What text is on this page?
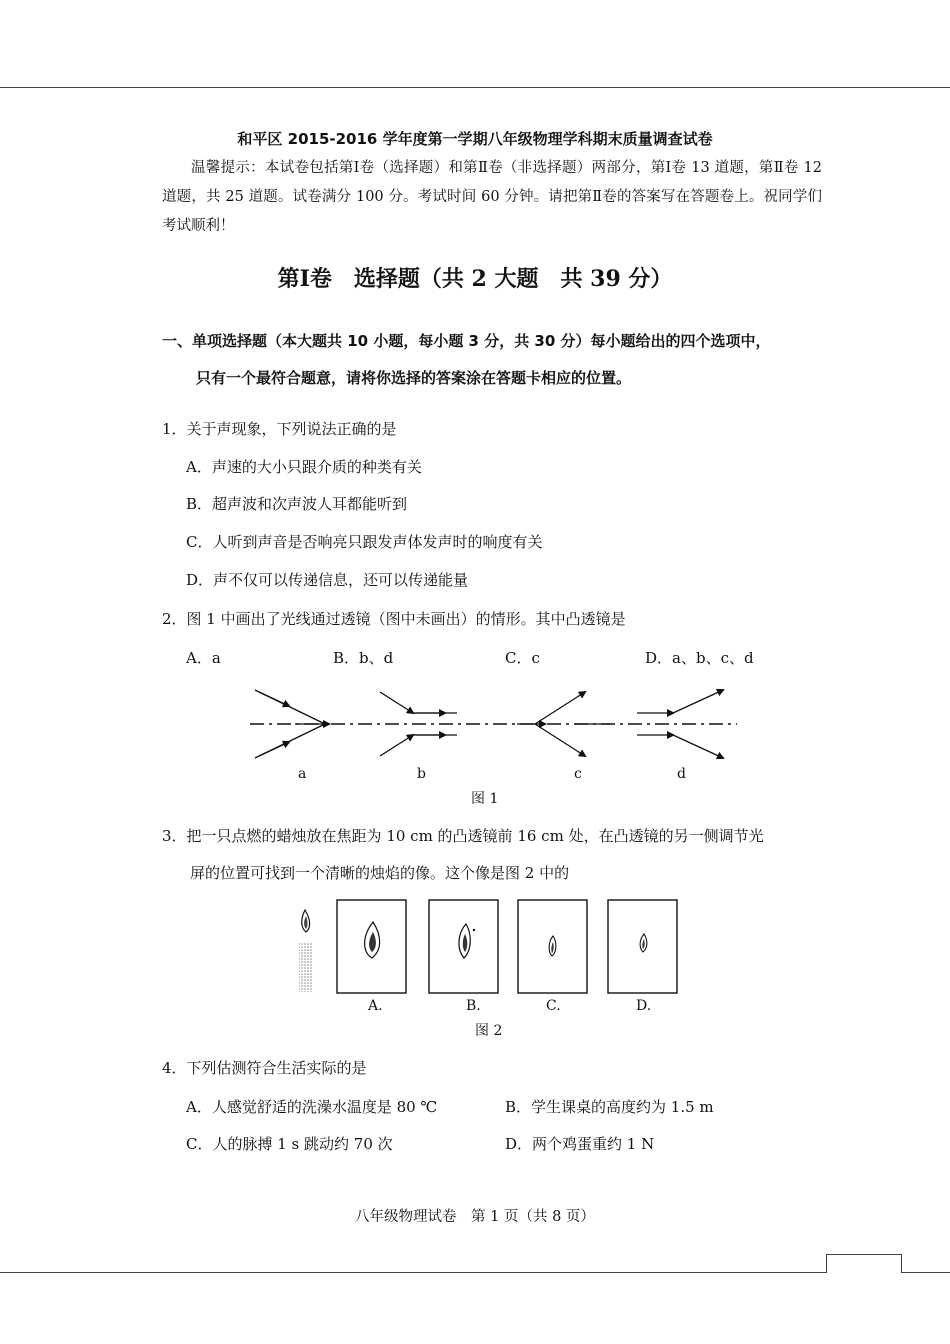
和平区 2015-2016 学年度第一学期八年级物理学科期末质量调查试卷
温馨提示：本试卷包括第Ⅰ卷（选择题）和第Ⅱ卷（非选择题）两部分，第Ⅰ卷 13 道题，第Ⅱ卷 12 道题，共 25 道题。试卷满分 100 分。考试时间 60 分钟。请把第Ⅱ卷的答案写在答题卷上。祝同学们考试顺利！
第Ⅰ卷　选择题（共 2 大题　共 39 分）
一、单项选择题（本大题共 10 小题，每小题 3 分，共 30 分）每小题给出的四个选项中，
只有一个最符合题意，请将你选择的答案涂在答题卡相应的位置。
1．关于声现象，下列说法正确的是
A．声速的大小只跟介质的种类有关
B．超声波和次声波人耳都能听到
C．人听到声音是否响亮只跟发声体发声时的响度有关
D．声不仅可以传递信息，还可以传递能量
2．图 1 中画出了光线通过透镜（图中未画出）的情形。其中凸透镜是
A．a	B．b、d	C．c	D．a、b、c、d
a	b	c	d
图 1
3．把一只点燃的蜡烛放在焦距为 10 cm 的凸透镜前 16 cm 处，在凸透镜的另一侧调节光
屏的位置可找到一个清晰的烛焰的像。这个像是图 2 中的
A.	B.	C.	D.
图 2
4．下列估测符合生活实际的是
A．人感觉舒适的洗澡水温度是 80 ℃	B．学生课桌的高度约为 1.5 m
C．人的脉搏 1 s 跳动约 70 次	D．两个鸡蛋重约 1 N
八年级物理试卷　第 1 页（共 8 页）
